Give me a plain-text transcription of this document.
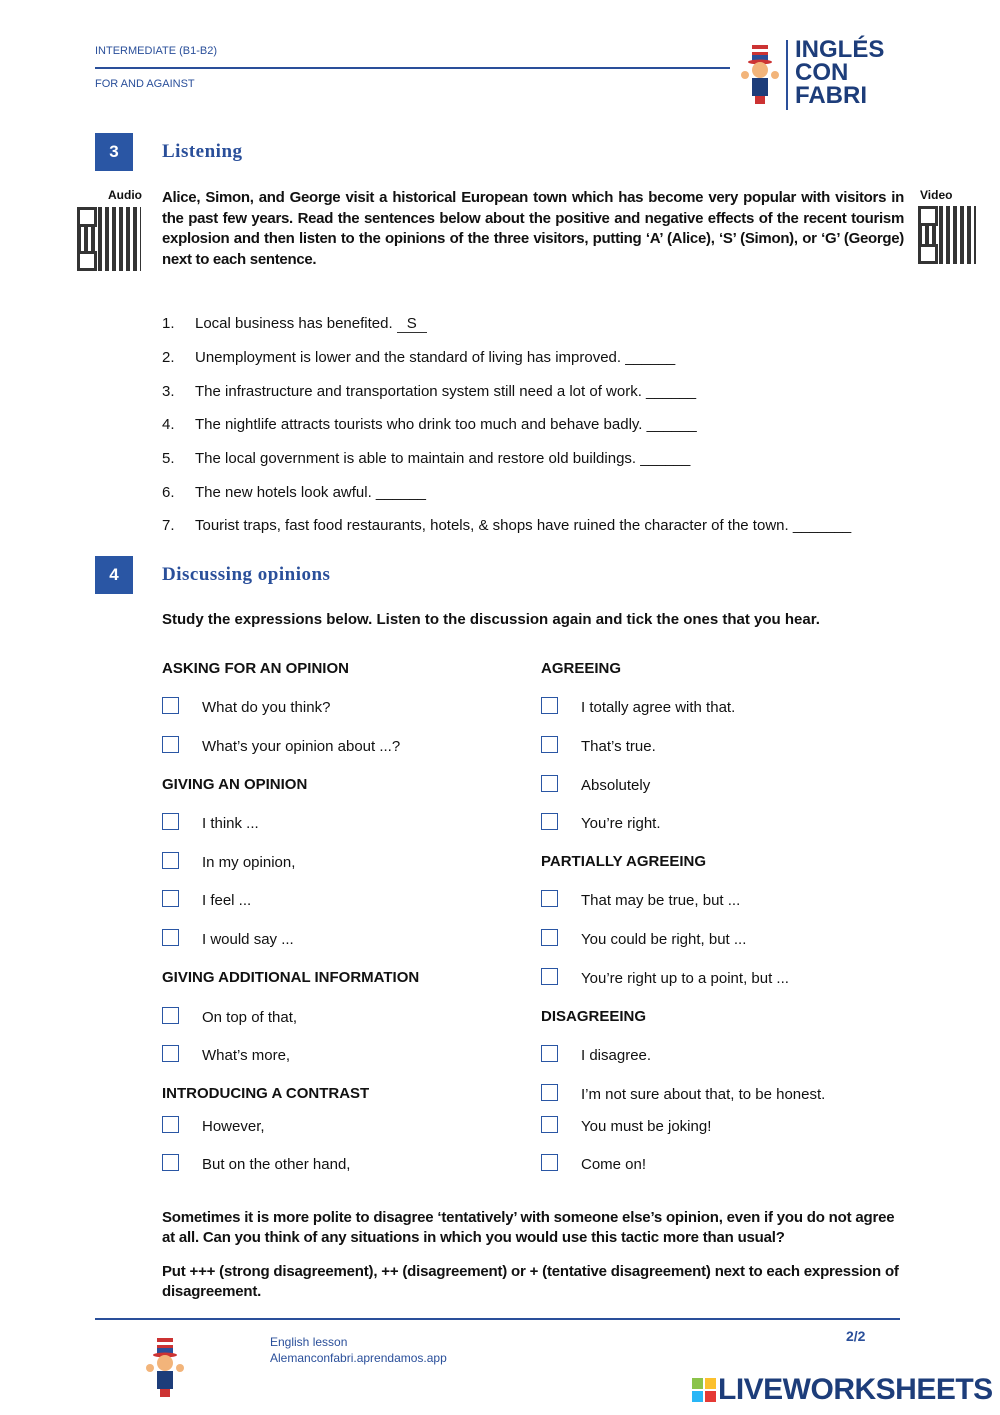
INTERMEDIATE (B1-B2)
FOR AND AGAINST
INGLÉS
CON
FABRI
3	Listening
Audio	Video
Alice, Simon, and George visit a historical European town which has become very popular with visitors in the past few years. Read the sentences below about the positive and negative effects of the recent tourism explosion and then listen to the opinions of the three visitors, putting ‘A’ (Alice), ‘S’ (Simon), or ‘G’ (George) next to each sentence.
1. Local business has benefited. S
2. Unemployment is lower and the standard of living has improved. ______
3. The infrastructure and transportation system still need a lot of work. ______
4. The nightlife attracts tourists who drink too much and behave badly. ______
5. The local government is able to maintain and restore old buildings. ______
6. The new hotels look awful. ______
7. Tourist traps, fast food restaurants, hotels, & shops have ruined the character of the town. _______
4	Discussing opinions
Study the expressions below. Listen to the discussion again and tick the ones that you hear.
ASKING FOR AN OPINION
What do you think?
What’s your opinion about ...?
GIVING AN OPINION
I think ...
In my opinion,
I feel ...
I would say ...
GIVING ADDITIONAL INFORMATION
On top of that,
What’s more,
INTRODUCING A CONTRAST
However,
But on the other hand,
AGREEING
I totally agree with that.
That’s true.
Absolutely
You’re right.
PARTIALLY AGREEING
That may be true, but ...
You could be right, but ...
You’re right up to a point, but ...
DISAGREEING
I disagree.
I’m not sure about that, to be honest.
You must be joking!
Come on!
Sometimes it is more polite to disagree ‘tentatively’ with someone else’s opinion, even if you do not agree at all. Can you think of any situations in which you would use this tactic more than usual?
Put +++ (strong disagreement), ++ (disagreement) or + (tentative disagreement) next to each expression of disagreement.
English lesson
Alemanconfabri.aprendamos.app
2/2
LIVEWORKSHEETS
